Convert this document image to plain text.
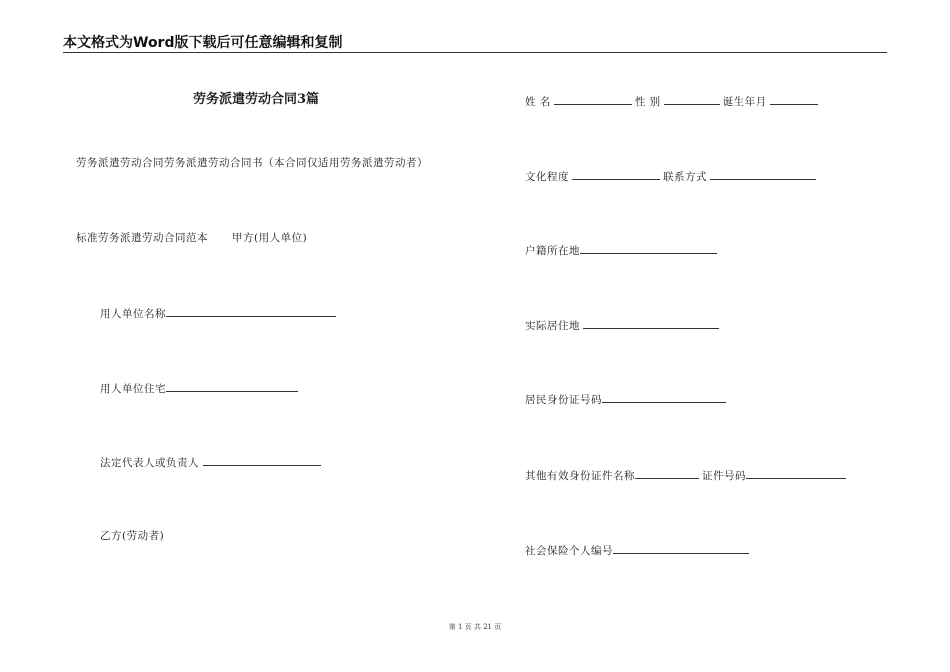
本文格式为Word版下载后可任意编辑和复制
劳务派遣劳动合同3篇
劳务派遣劳动合同劳务派遣劳动合同书（本合同仅适用劳务派遣劳动者）
标准劳务派遣劳动合同范本 甲方(用人单位)
用人单位名称
用人单位住宅
法定代表人或负责人
乙方(劳动者)
姓 名	性 别	诞生年月
文化程度	联系方式
户籍所在地
实际居住地
居民身份证号码
其他有效身份证件名称	证件号码
社会保险个人编号
第 1 页 共 21 页
